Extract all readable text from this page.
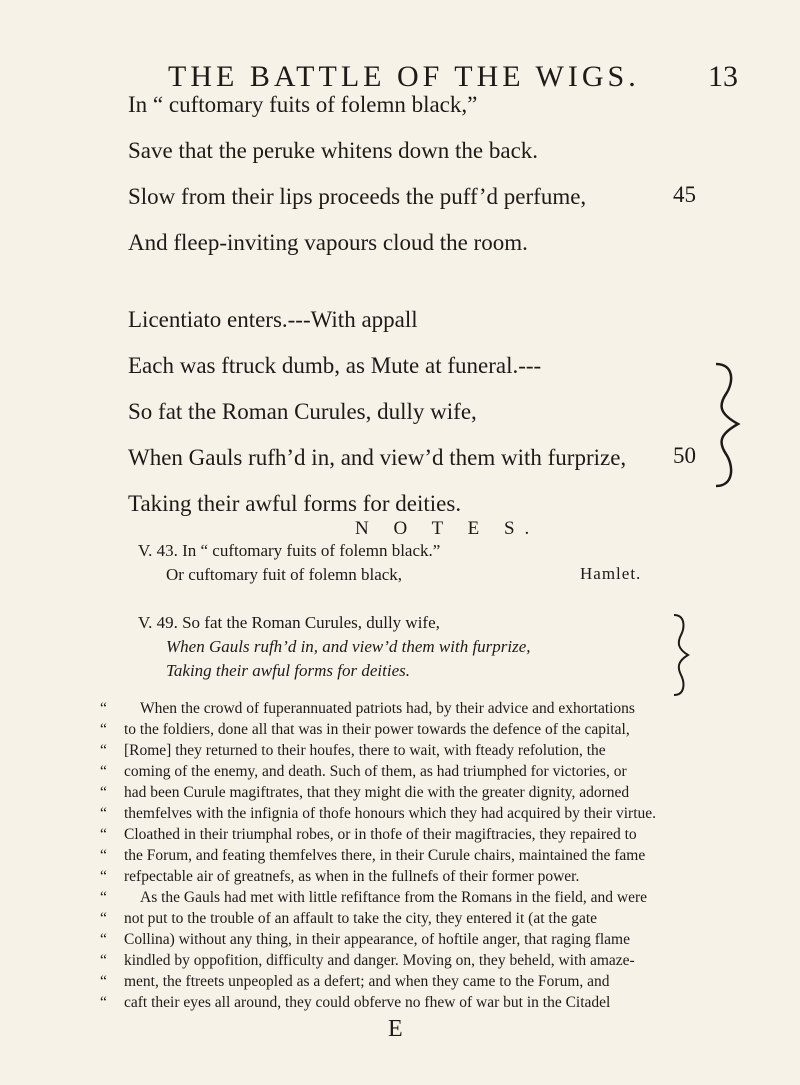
THE BATTLE OF THE WIGS. 13
In “ cuftomary fuits of folemn black,”
Save that the peruke whitens down the back.
Slow from their lips proceeds the puff’d perfume,
And fleep-inviting vapours cloud the room.
Licentiato enters.---With appall
Each was ftruck dumb, as Mute at funeral.---
So fat the Roman Curules, dully wife,
When Gauls rufh’d in, and view’d them with furprize,
Taking their awful forms for deities.
45
50
N O T E S.
V. 43. In “ cuftomary fuits of folemn black.”
Or cuftomary fuit of folemn black,	Hamlet.
V. 49. So fat the Roman Curules, dully wife,
When Gauls rufh’d in, and view’d them with furprize,
Taking their awful forms for deities.
“	When the crowd of fuperannuated patriots had, by their advice and exhortations
“	to the foldiers, done all that was in their power towards the defence of the capital,
“	[Rome] they returned to their houfes, there to wait, with fteady refolution, the
“	coming of the enemy, and death. Such of them, as had triumphed for victories, or
“	had been Curule magiftrates, that they might die with the greater dignity, adorned
“	themfelves with the infignia of thofe honours which they had acquired by their virtue.
“	Cloathed in their triumphal robes, or in thofe of their magiftracies, they repaired to
“	the Forum, and feating themfelves there, in their Curule chairs, maintained the fame
“	refpectable air of greatnefs, as when in the fullnefs of their former power.
“	As the Gauls had met with little refiftance from the Romans in the field, and were
“	not put to the trouble of an affault to take the city, they entered it (at the gate
“	Collina) without any thing, in their appearance, of hoftile anger, that raging flame
“	kindled by oppofition, difficulty and danger. Moving on, they beheld, with amaze-
“	ment, the ftreets unpeopled as a defert; and when they came to the Forum, and
“	caft their eyes all around, they could obferve no fhew of war but in the Citadel
E
